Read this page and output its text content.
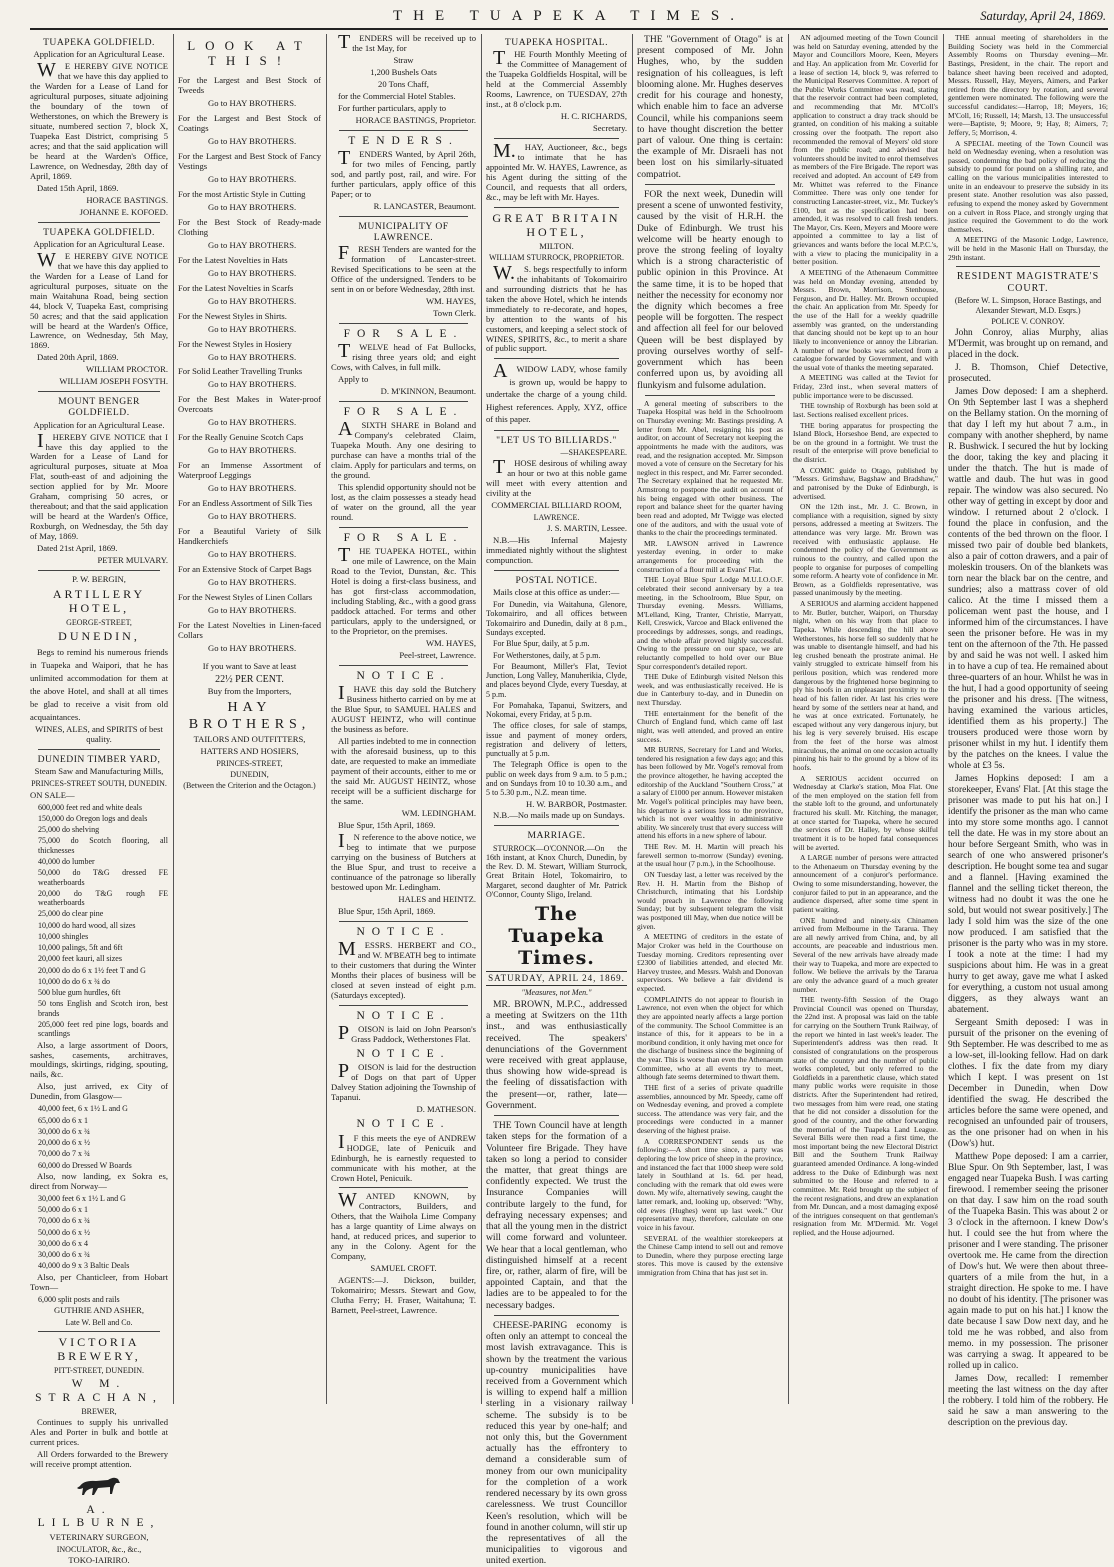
THE TUAPEKA TIMES.	Saturday, April 24, 1869.
TUAPEKA GOLDFIELD.

Application for an Agricultural Lease.

WE HEREBY GIVE NOTICE that we have this day applied to the Warden for a Lease of Land for agricultural purposes, situate adjoining the boundary of the town of Wetherstones, on which the Brewery is situate, numbered section 7, block X, Tuapeka East District, comprising 5 acres; and that the said application will be heard at the Warden's Office, Lawrence, on Wednesday, 28th day of April, 1869.

Dated 15th April, 1869.

HORACE BASTINGS.

JOHANNE E. KOFOED.

TUAPEKA GOLDFIELD.

Application for an Agricultural Lease.

WE HEREBY GIVE NOTICE that we have this day applied to the Warden for a Lease of Land for agricultural purposes, situate on the main Waitahuna Road, being section 44, block V, Tuapeka East, comprising 50 acres; and that the said application will be heard at the Warden's Office, Lawrence, on Wednesday, 5th May, 1869.

Dated 20th April, 1869.

WILLIAM PROCTOR.

WILLIAM JOSEPH FOSYTH.

MOUNT BENGER GOLDFIELD.

Application for an Agricultural Lease.

IHEREBY GIVE NOTICE that I have this day applied to the Warden for a Lease of Land for agricultural purposes, situate at Moa Flat, south-east of and adjoining the section applied for by Mr. Moore Graham, comprising 50 acres, or thereabout; and that the said application will be heard at the Warden's Office, Roxburgh, on Wednesday, the 5th day of May, 1869.

Dated 21st April, 1869.

PETER MULVARY.

P. W. BERGIN,

ARTILLERY HOTEL,

GEORGE-STREET,

DUNEDIN,

Begs to remind his numerous friends in Tuapeka and Waipori, that he has unlimited accommodation for them at the above Hotel, and shall at all times be glad to receive a visit from old acquaintances.

WINES, ALES, and SPIRITS of best quality.

DUNEDIN TIMBER YARD,

Steam Saw and Manufacturing Mills,

PRINCES-STREET SOUTH, DUNEDIN.

ON SALE—

600,000 feet red and white deals

150,000 do Oregon logs and deals

25,000 do shelving

75,000 do Scotch flooring, all thicknesses

40,000 do lumber

50,000 do T&G dressed FE weatherboards

20,000 do T&G rough FE weatherboards

25,000 do clear pine

10,000 do hard wood, all sizes

10,000 shingles

10,000 palings, 5ft and 6ft

20,000 feet kauri, all sizes

20,000 do do 6 x 1½ feet T and G

10,000 do do 6 x ¾ do

500 blue gum hurdles, 6ft

50 tons English and Scotch iron, best brands

205,000 feet red pine logs, boards and scantlings

Also, a large assortment of Doors, sashes, casements, architraves, mouldings, skirtings, ridging, spouting, nails, &c.

Also, just arrived, ex City of Dunedin, from Glasgow—

40,000 feet, 6 x 1½ L and G

65,000 do 6 x 1

30,000 do 6 x ¾

20,000 do 6 x ½

70,000 do 7 x ¾

60,000 do Dressed W Boards

Also, now landing, ex Sokra es, direct from Norway—

30,000 feet 6 x 1½ L and G

50,000 do 6 x 1

70,000 do 6 x ¾

50,000 do 6 x ½

30,000 do 6 x 4

30,000 do 6 x ¾

40,000 do 9 x 3 Baltic Deals

Also, per Chanticleer, from Hobart Town—

6,000 split posts and rails

GUTHRIE AND ASHER,

Late W. Bell and Co.

VICTORIA BREWERY,

PITT-STREET, DUNEDIN.

W M. STRACHAN,

BREWER,

Continues to supply his unrivalled Ales and Porter in bulk and bottle at current prices.

All Orders forwarded to the Brewery will receive prompt attention.

A. LILBURNE,

VETERINARY SURGEON,

INOCULATOR, &c., &c.,

TOKO-IAIRIRO.

LOOK AT THIS!

For the Largest and Best Stock of Tweeds

Go to HAY BROTHERS.

For the Largest and Best Stock of Coatings

Go to HAY BROTHERS.

For the Largest and Best Stock of Fancy Vestings

Go to HAY BROTHERS.

For the most Artistic Style in Cutting

Go to HAY BROTHERS.

For the Best Stock of Ready-made Clothing

Go to HAY BROTHERS.

For the Latest Novelties in Hats

Go to HAY BROTHERS.

For the Latest Novelties in Scarfs

Go to HAY BROTHERS.

For the Newest Styles in Shirts.

Go to HAY BROTHERS.

For the Newest Styles in Hosiery

Go to HAY BROTHERS.

For Solid Leather Travelling Trunks

Go to HAY BROTHERS.

For the Best Makes in Water-proof Overcoats

Go to HAY BROTHERS.

For the Really Genuine Scotch Caps

Go to HAY BROTHERS.

For an Immense Assortment of Waterproof Leggings

Go to HAY BROTHERS.

For an Endless Assortment of Silk Ties

Go to HAY BROTHERS.

For a Beautiful Variety of Silk Handkerchiefs

Go to HAY BROTHERS.

For an Extensive Stock of Carpet Bags

Go to HAY BROTHERS.

For the Newest Styles of Linen Collars

Go to HAY BROTHERS.

For the Latest Novelties in Linen-faced Collars

Go to HAY BROTHERS.

If you want to Save at least

22½ PER CENT.

Buy from the Importers,

HAY BROTHERS,

TAILORS AND OUTFITTERS,

HATTERS AND HOSIERS,

PRINCES-STREET,

DUNEDIN,

(Between the Criterion and the Octagon.)

TENDERS will be received up to the 1st May, for

Straw

1,200 Bushels Oats

20 Tons Chaff,

for the Commercial Hotel Stables.

For further particulars, apply to

HORACE BASTINGS, Proprietor.

TENDERS.

TENDERS Wanted, by April 26th, for two miles of Fencing, partly sod, and partly post, rail, and wire. For further particulars, apply office of this Paper; or to

R. LANCASTER, Beaumont.

MUNICIPALITY OF LAWRENCE.

FRESH Tenders are wanted for the formation of Lancaster-street. Revised Specifications to be seen at the Office of the undersigned. Tenders to be sent in on or before Wednesday, 28th inst.

WM. HAYES,

Town Clerk.

FOR SALE.

TWELVE head of Fat Bullocks, rising three years old; and eight Cows, with Calves, in full milk.

Apply to

D. M'KINNON, Beaumont.

FOR SALE.

ASIXTH SHARE in Boland and Company's celebrated Claim, Tuapeka Mouth. Any one desiring to purchase can have a months trial of the claim. Apply for particulars and terms, on the ground.

This splendid opportunity should not be lost, as the claim possesses a steady head of water on the ground, all the year round.

FOR SALE.

THE TUAPEKA HOTEL, within one mile of Lawrence, on the Main Road to the Teviot, Dunstan, &c. This Hotel is doing a first-class business, and has got first-class accommodation, including Stabling, &c., with a good grass paddock attached. For terms and other particulars, apply to the undersigned, or to the Proprietor, on the premises.

WM. HAYES,

Peel-street, Lawrence.

NOTICE.

IHAVE this day sold the Butchery Business hitherto carried on by me at the Blue Spur, to SAMUEL HALES and AUGUST HEINTZ, who will continue the business as before.

All parties indebted to me in connection with the aforesaid business, up to this date, are requested to make an immediate payment of their accounts, either to me or the said Mr. AUGUST HEINTZ, whose receipt will be a sufficient discharge for the same.

WM. LEDINGHAM.

Blue Spur, 15th April, 1869.

IN reference to the above notice, we beg to intimate that we purpose carrying on the business of Butchers at the Blue Spur, and trust to receive a continuance of the patronage so liberally bestowed upon Mr. Ledingham.

HALES and HEINTZ.

Blue Spur, 15th April, 1869.

NOTICE.

MESSRS. HERBERT and CO., and W. M'BEATH beg to intimate to their customers that during the Winter Months their places of business will be closed at seven instead of eight p.m. (Saturdays excepted).

NOTICE.

POISON is laid on John Pearson's Grass Paddock, Wetherstones Flat.

NOTICE.

POISON is laid for the destruction of Dogs on that part of Upper Dalvey Station adjoining the Township of Tapanui.

D. MATHESON.

NOTICE.

IF this meets the eye of ANDREW HODGE, late of Penicuik and Edinburgh, he is earnestly requested to communicate with his mother, at the Crown Hotel, Penicuik.

WANTED KNOWN, by Contractors, Builders, and Others, that the Waihola Lime Company has a large quantity of Lime always on hand, at reduced prices, and superior to any in the Colony. Agent for the Company,

SAMUEL CROFT.

AGENTS:—J. Dickson, builder, Tokomairiro; Messrs. Stewart and Gow, Clutha Ferry; H. Fraser, Waitahuna; T. Barnett, Peel-street, Lawrence.

TUAPEKA HOSPITAL.

THE Fourth Monthly Meeting of the Committee of Management of the Tuapeka Goldfields Hospital, will be held at the Commercial Assembly Rooms, Lawrence, on TUESDAY, 27th inst., at 8 o'clock p.m.

H. C. RICHARDS,

Secretary.

M.HAY, Auctioneer, &c., begs to intimate that he has appointed Mr. W. HAYES, Lawrence, as his Agent during the sitting of the Council, and requests that all orders, &c., may be left with Mr. Hayes.

GREAT BRITAIN HOTEL,

MILTON.

WILLIAM STURROCK, PROPRIETOR.

W.S. begs respectfully to inform the inhabitants of Tokomairiro and surrounding districts that he has taken the above Hotel, which he intends immediately to re-decorate, and hopes, by attention to the wants of his customers, and keeping a select stock of WINES, SPIRITS, &c., to merit a share of public support.

AWIDOW LADY, whose family is grown up, would be happy to undertake the charge of a young child. Highest references. Apply, XYZ, office of this paper.

"LET US TO BILLIARDS."

—SHAKESPEARE.

THOSE desirous of whiling away an hour or two at this noble game will meet with every attention and civility at the

COMMERCIAL BILLIARD ROOM,

LAWRENCE.

J. S. MARTIN, Lessee.

N.B.—His Infernal Majesty immediated nightly without the slightest compunction.

POSTAL NOTICE.

Mails close at this office as under:—

For Dunedin, via Waitahuna, Glenore, Tokomairiro, and all offices between Tokomairiro and Dunedin, daily at 8 p.m., Sundays excepted.

For Blue Spur, daily, at 5 p.m.

For Wetherstones, daily, at 5 p.m.

For Beaumont, Miller's Flat, Teviot Junction, Long Valley, Manuherikia, Clyde, and places beyond Clyde, every Tuesday, at 5 p.m.

For Pomahaka, Tapanui, Switzers, and Nokomai, every Friday, at 5 p.m.

The office closes, for sale of stamps, issue and payment of money orders, registration and delivery of letters, punctually at 5 p.m.

The Telegraph Office is open to the public on week days from 9 a.m. to 5 p.m.; and on Sundays from 10 to 10.30 a.m., and 5 to 5.30 p.m., N.Z. mean time.

H. W. BARBOR, Postmaster.

N.B.—No mails made up on Sundays.

MARRIAGE.

STURROCK—O'CONNOR.—On the 16th instant, at Knox Church, Dunedin, by the Rev. D. M. Stewart, William Sturrock, Great Britain Hotel, Tokomairiro, to Margaret, second daughter of Mr. Patrick O'Connor, County Sligo, Ireland.

The Tuapeka Times.
SATURDAY, APRIL 24, 1869.

"Measures, not Men."

MR. BROWN, M.P.C., addressed a meeting at Switzers on the 11th inst., and was enthusiastically received. The speakers' denunciations of the Government were received with great applause, thus showing how wide-spread is the feeling of dissatisfaction with the present—or, rather, late—Government.

THE Town Council have at length taken steps for the formation of a Volunteer fire Brigade. They have taken so long a period to consider the matter, that great things are confidently expected. We trust the Insurance Companies will contribute largely to the fund, for defraying necessary expenses; and that all the young men in the district will come forward and volunteer. We hear that a local gentleman, who distinguished himself at a recent fire, or, rather, alarm of fire, will be appointed Captain, and that the ladies are to be appealed to for the necessary badges.

CHEESE-PARING economy is often only an attempt to conceal the most lavish extravagance. This is shown by the treatment the various up-country municipalities have received from a Government which is willing to expend half a million sterling in a visionary railway scheme. The subsidy is to be reduced this year by one-half; and not only this, but the Government actually has the effrontery to demand a considerable sum of money from our own municipality for the completion of a work rendered necessary by its own gross carelessness. We trust Councillor Keen's resolution, which will be found in another column, will stir up the representatives of all the municipalities to vigorous and united exertion.

THE "Government of Otago" is at present composed of Mr. John Hughes, who, by the sudden resignation of his colleagues, is left blooming alone. Mr. Hughes deserves credit for his courage and honesty, which enable him to face an adverse Council, while his companions seem to have thought discretion the better part of valour. One thing is certain: the example of Mr. Disraeli has not been lost on his similarly-situated compatriot.

FOR the next week, Dunedin will present a scene of unwonted festivity, caused by the visit of H.R.H. the Duke of Edinburgh. We trust his welcome will be hearty enough to prove the strong feeling of loyalty which is a strong characteristic of public opinion in this Province. At the same time, it is to be hoped that neither the necessity for economy nor the dignity which becomes a free people will be forgotten. The respect and affection all feel for our beloved Queen will be best displayed by proving ourselves worthy of self-government which has been conferred upon us, by avoiding all flunkyism and fulsome adulation.

A general meeting of subscribers to the Tuapeka Hospital was held in the Schoolroom on Thursday evening: Mr. Bastings presiding. A letter from Mr. Abel, resigning his post as auditor, on account of Secretary not keeping the appointments he made with the auditors, was read, and the resignation accepted. Mr. Simpson moved a vote of censure on the Secretary for his neglect in this respect, and Mr. Farrer seconded. The Secretary explained that he requested Mr. Armstrong to postpone the audit on account of his being engaged with other business. The report and balance sheet for the quarter having been read and adopted, Mr Twigge was elected one of the auditors, and with the usual vote of thanks to the chair the proceedings terminated.

MR. LAWSON arrived in Lawrence yesterday evening, in order to make arrangements for proceeding with the construction of a flour mill at Evans' Flat.

THE Loyal Blue Spur Lodge M.U.I.O.O.F. celebrated their second anniversary by a tea meeting, in the Schoolroom, Blue Spur, on Thursday evening. Messrs. Williams, M'Lelland, King, Tranter, Christie, Marryatt, Kell, Creswick, Varcoe and Black enlivened the proceedings by addresses, songs, and readings, and the whole affair proved highly successful. Owing to the pressure on our space, we are reluctantly compelled to hold over our Blue Spur correspondent's detailed report.

THE Duke of Edinburgh visited Nelson this week, and was enthusiastically received. He is due in Canterbury to-day, and in Dunedin on next Thursday.

THE entertainment for the benefit of the Church of England fund, which came off last night, was well attended, and proved an entire success.

MR BURNS, Secretary for Land and Works, tendered his resignation a few days ago; and this has been followed by Mr. Vogel's removal from the province altogether, he having accepted the editorship of the Auckland "Southern Cross," at a salary of £1000 per annum. However mistaken Mr. Vogel's political principles may have been, his departure is a serious loss to the province, which is not over wealthy in administrative ability. We sincerely trust that every success will attend his efforts in a new sphere of labour.

THE Rev. M. H. Martin will preach his farewell sermon to-morrow (Sunday) evening, at the usual hour (7 p.m.), in the Schoolhouse.

ON Tuesday last, a letter was received by the Rev. H. H. Martin from the Bishop of Christchurch, intimating that his Lordship would preach in Lawrence the following Sunday; but by subsequent telegram the visit was postponed till May, when due notice will be given.

A MEETING of creditors in the estate of Major Croker was held in the Courthouse on Tuesday morning. Creditors representing over £2300 of liabilities attended, and elected Mr. Harvey trustee, and Messrs. Walsh and Donovan supervisors. We believe a fair dividend is expected.

COMPLAINTS do not appear to flourish in Lawrence, not even when the object for which they are appointed nearly affects a large portion of the community. The School Committee is an instance of this, for it appears to be in a moribund condition, it only having met once for the discharge of business since the beginning of the year. This is worse than even the Athenaeum Committee, who at all events try to meet, although fate seems determined to thwart them.

THE first of a series of private quadrille assemblies, announced by Mr. Speedy, came off on Wednesday evening, and proved a complete success. The attendance was very fair, and the proceedings were conducted in a manner deserving of the highest praise.

A CORRESPONDENT sends us the following:—A short time since, a party was deploring the low price of sheep in the province, and instanced the fact that 1000 sheep were sold lately in Southland at 1s. 6d. per head, concluding with the remark that old ewes were down. My wife, alternatively sewing, caught the latter remark, and, looking up, observed: "Why, old ewes (Hughes) went up last week." Our representative may, therefore, calculate on one voice in his favour.

SEVERAL of the wealthier storekeepers at the Chinese Camp intend to sell out and remove to Dunedin, where they purpose erecting large stores. This move is caused by the extensive immigration from China that has just set in.

AN adjourned meeting of the Town Council was held on Saturday evening, attended by the Mayor and Councillors Moore, Keen, Meyers and Hay. An application from Mr. Coverlid for a lease of section 14, block 9, was referred to the Municipal Reserves Committee. A report of the Public Works Committee was read, stating that the reservoir contract had been completed, and recommending that Mr. M'Coll's application to construct a dray track should be granted, on condition of his making a suitable crossing over the footpath. The report also recommended the removal of Meyers' old store from the public road; and advised that volunteers should be invited to enrol themselves as members of the Fire Brigade. The report was received and adopted. An account of £49 from Mr. Whittet was referred to the Finance Committee. There was only one tender for constructing Lancaster-street, viz., Mr. Tuckey's £100, but as the specification had been amended, it was resolved to call fresh tenders. The Mayor, Crs. Keen, Meyers and Moore were appointed a committee to lay a list of grievances and wants before the local M.P.C.'s, with a view to placing the municipality in a better position.

A MEETING of the Athenaeum Committee was held on Monday evening, attended by Messrs. Brown, Morrison, Stenhouse, Ferguson, and Dr. Halley. Mr. Brown occupied the chair. An application from Mr. Speedy for the use of the Hall for a weekly quadrille assembly was granted, on the understanding that dancing should not be kept up to an hour likely to inconvenience or annoy the Librarian. A number of new books was selected from a catalogue forwarded by Government, and with the usual vote of thanks the meeting separated.

A MEETING was called at the Teviot for Friday, 23rd inst., when several matters of public importance were to be discussed.

THE township of Roxburgh has been sold at last. Sections realised excellent prices.

THE boring apparatus for prospecting the Island Block, Horseshoe Bend, are expected to be on the ground in a fortnight. We trust the result of the enterprise will prove beneficial to the district.

A COMIC guide to Otago, published by "Messrs. Grimshaw, Bagshaw and Bradshaw," and patronised by the Duke of Edinburgh, is advertised.

ON the 12th inst., Mr. J. C. Brown, in compliance with a requisition, signed by sixty persons, addressed a meeting at Switzers. The attendance was very large. Mr. Brown was received with enthusiastic applause. He condemned the policy of the Government as ruinous to the country, and called upon the people to organise for purposes of compelling some reform. A hearty vote of confidence in Mr. Brown, as a Goldfields representative, was passed unanimously by the meeting.

A SERIOUS and alarming accident happened to Mr. Butler, butcher, Waipori, on Thursday night, when on his way from that place to Tapeka. While descending the hill above Wetherstones, his horse fell so suddenly that he was unable to disentangle himself, and had his leg crushed beneath the prostrate animal. He vainly struggled to extricate himself from his perilous position, which was rendered more dangerous by the frightened horse beginning to ply his hoofs in an unpleasant proximity to the head of his fallen rider. At last his cries were heard by some of the settlers near at hand, and he was at once extricated. Fortunately, he escaped without any very dangerous injury, but his leg is very severely bruised. His escape from the feet of the horse was almost miraculous, the animal on one occasion actually pinning his hair to the ground by a blow of its hoofs.

A SERIOUS accident occurred on Wednesday at Clarke's station, Moa Flat. One of the men employed on the station fell from the stable loft to the ground, and unfortunately fractured his skull. Mr. Kitching, the manager, at once started for Tuapeka, where he secured the services of Dr. Halley, by whose skilful treatment it is to be hoped fatal consequences will be averted.

A LARGE number of persons were attracted to the Athenaeum on Thursday evening by the announcement of a conjuror's performance. Owing to some misunderstanding, however, the conjuror failed to put in an appearance, and the audience dispersed, after some time spent in patient waiting.

ONE hundred and ninety-six Chinamen arrived from Melbourne in the Tararua. They are all newly arrived from China, and, by all accounts, are peaceable and industrious men. Several of the new arrivals have already made their way to Tuapeka, and more are expected to follow. We believe the arrivals by the Tararua are only the advance guard of a much greater number.

THE twenty-fifth Session of the Otago Provincial Council was opened on Thursday, the 22nd inst. A proposal was laid on the table for carrying on the Southern Trunk Railway, of the report we hinted in last week's leader. The Superintendent's address was then read. It consisted of congratulations on the prosperous state of the country and the number of public works completed, but only referred to the Goldfields in a parenthetic clause, which stated many public works were requisite in those districts. After the Superintendent had retired, two messages from him were read, one stating that he did not consider a dissolution for the good of the country, and the other forwarding the memorial of the Tuapeka Land League. Several Bills were then read a first time, the most important being the new Electoral District Bill and the Southern Trunk Railway guaranteed amended Ordinance. A long-winded address to the Duke of Edinburgh was next submitted to the House and referred to a committee. Mr. Reid brought up the subject of the recent resignations, and drew an explanation from Mr. Duncan, and a most damaging exposé of the intrigues consequent on that gentleman's resignation from Mr. M'Dermid. Mr. Vogel replied, and the House adjourned.

THE annual meeting of shareholders in the Building Society was held in the Commercial Assembly Rooms on Thursday evening—Mr. Bastings, President, in the chair. The report and balance sheet having been received and adopted, Messrs. Russell, Hay, Meyers, Aimers, and Parker retired from the directory by rotation, and several gentlemen were nominated. The following were the successful candidates:—Harrop, 18; Meyers, 16; M'Coll, 16; Russell, 14; Marsh, 13. The unsuccessful were—Baptiste, 9; Moore, 9; Hay, 8; Aimers, 7; Jeffery, 5; Morrison, 4.

A SPECIAL meeting of the Town Council was held on Wednesday evening, when a resolution was passed, condemning the bad policy of reducing the subsidy to pound for pound on a shilling rate, and calling on the various municipalities interested to unite in an endeavour to preserve the subsidy in its present state. Another resolution was also passed, refusing to expend the money asked by Government on a culvert in Ross Place, and strongly urging that justice required the Government to do the work themselves.

A MEETING of the Masonic Lodge, Lawrence, will be held in the Masonic Hall on Thursday, the 29th instant.

RESIDENT MAGISTRATE'S COURT.

(Before W. L. Simpson, Horace Bastings, and Alexander Stewart, M.D. Esqrs.)

POLICE V. CONROY.

John Conroy, alias Murphy, alias M'Dermit, was brought up on remand, and placed in the dock.

J. B. Thomson, Chief Detective, prosecuted.

James Dow deposed: I am a shepherd. On 9th September last I was a shepherd on the Bellamy station. On the morning of that day I left my hut about 7 a.m., in company with another shepherd, by name R. Bushwick. I secured the hut by locking the door, taking the key and placing it under the thatch. The hut is made of wattle and daub. The hut was in good repair. The window was also secured. No other way of getting in except by door and window. I returned about 2 o'clock. I found the place in confusion, and the contents of the bed thrown on the floor. I missed two pair of double bed blankets, also a pair of cotton drawers, and a pair of moleskin trousers. On of the blankets was torn near the black bar on the centre, and sundries; also a mattrass cover of old calico. At the time I missed them a policeman went past the house, and I informed him of the circumstances. I have seen the prisoner before. He was in my tent on the afternoon of the 7th. He passed by and said he was not well. I asked him in to have a cup of tea. He remained about three-quarters of an hour. Whilst he was in the hut, I had a good opportunity of seeing the prisoner and his dress. [The witness, having examined the various articles, identified them as his property.] The trousers produced were those worn by prisoner whilst in my hut. I identify them by the patches on the knees. I value the whole at £3 5s.

James Hopkins deposed: I am a storekeeper, Evans' Flat. [At this stage the prisoner was made to put his hat on.] I identify the prisoner as the man who came into my store some months ago. I cannot tell the date. He was in my store about an hour before Sergeant Smith, who was in search of one who answered prisoner's description. He bought some tea and sugar and a flannel. [Having examined the flannel and the selling ticket thereon, the witness had no doubt it was the one he sold, but would not swear positively.] The lady I sold him was the size of the one now produced. I am satisfied that the prisoner is the party who was in my store. I took a note at the time: I had my suspicions about him. He was in a great hurry to get away, gave me what I asked for everything, a custom not usual among diggers, as they always want an abatement.

Sergeant Smith deposed: I was in pursuit of the prisoner on the evening of 9th September. He was described to me as a low-set, ill-looking fellow. Had on dark clothes. I fix the date from my diary which I kept. I was present on 1st December in Dunedin, when Dow identified the swag. He described the articles before the same were opened, and recognised an unfounded pair of trousers, as the one prisoner had on when in his (Dow's) hut.

Matthew Pope deposed: I am a carrier, Blue Spur. On 9th September, last, I was engaged near Tuapeka Bush. I was carting firewood. I remember seeing the prisoner on that day. I saw him on the road south of the Tuapeka Basin. This was about 2 or 3 o'clock in the afternoon. I knew Dow's hut. I could see the hut from where the prisoner and I were standing. The prisoner overtook me. He came from the direction of Dow's hut. We were then about three-quarters of a mile from the hut, in a straight direction. He spoke to me. I have no doubt of his identity. [The prisoner was again made to put on his hat.] I know the date because I saw Dow next day, and he told me he was robbed, and also from memo. in my possession. The prisoner was carrying a swag. It appeared to be rolled up in calico.

James Dow, recalled: I remember meeting the last witness on the day after the robbery. I told him of the robbery. He said he saw a man answering to the description on the previous day.
